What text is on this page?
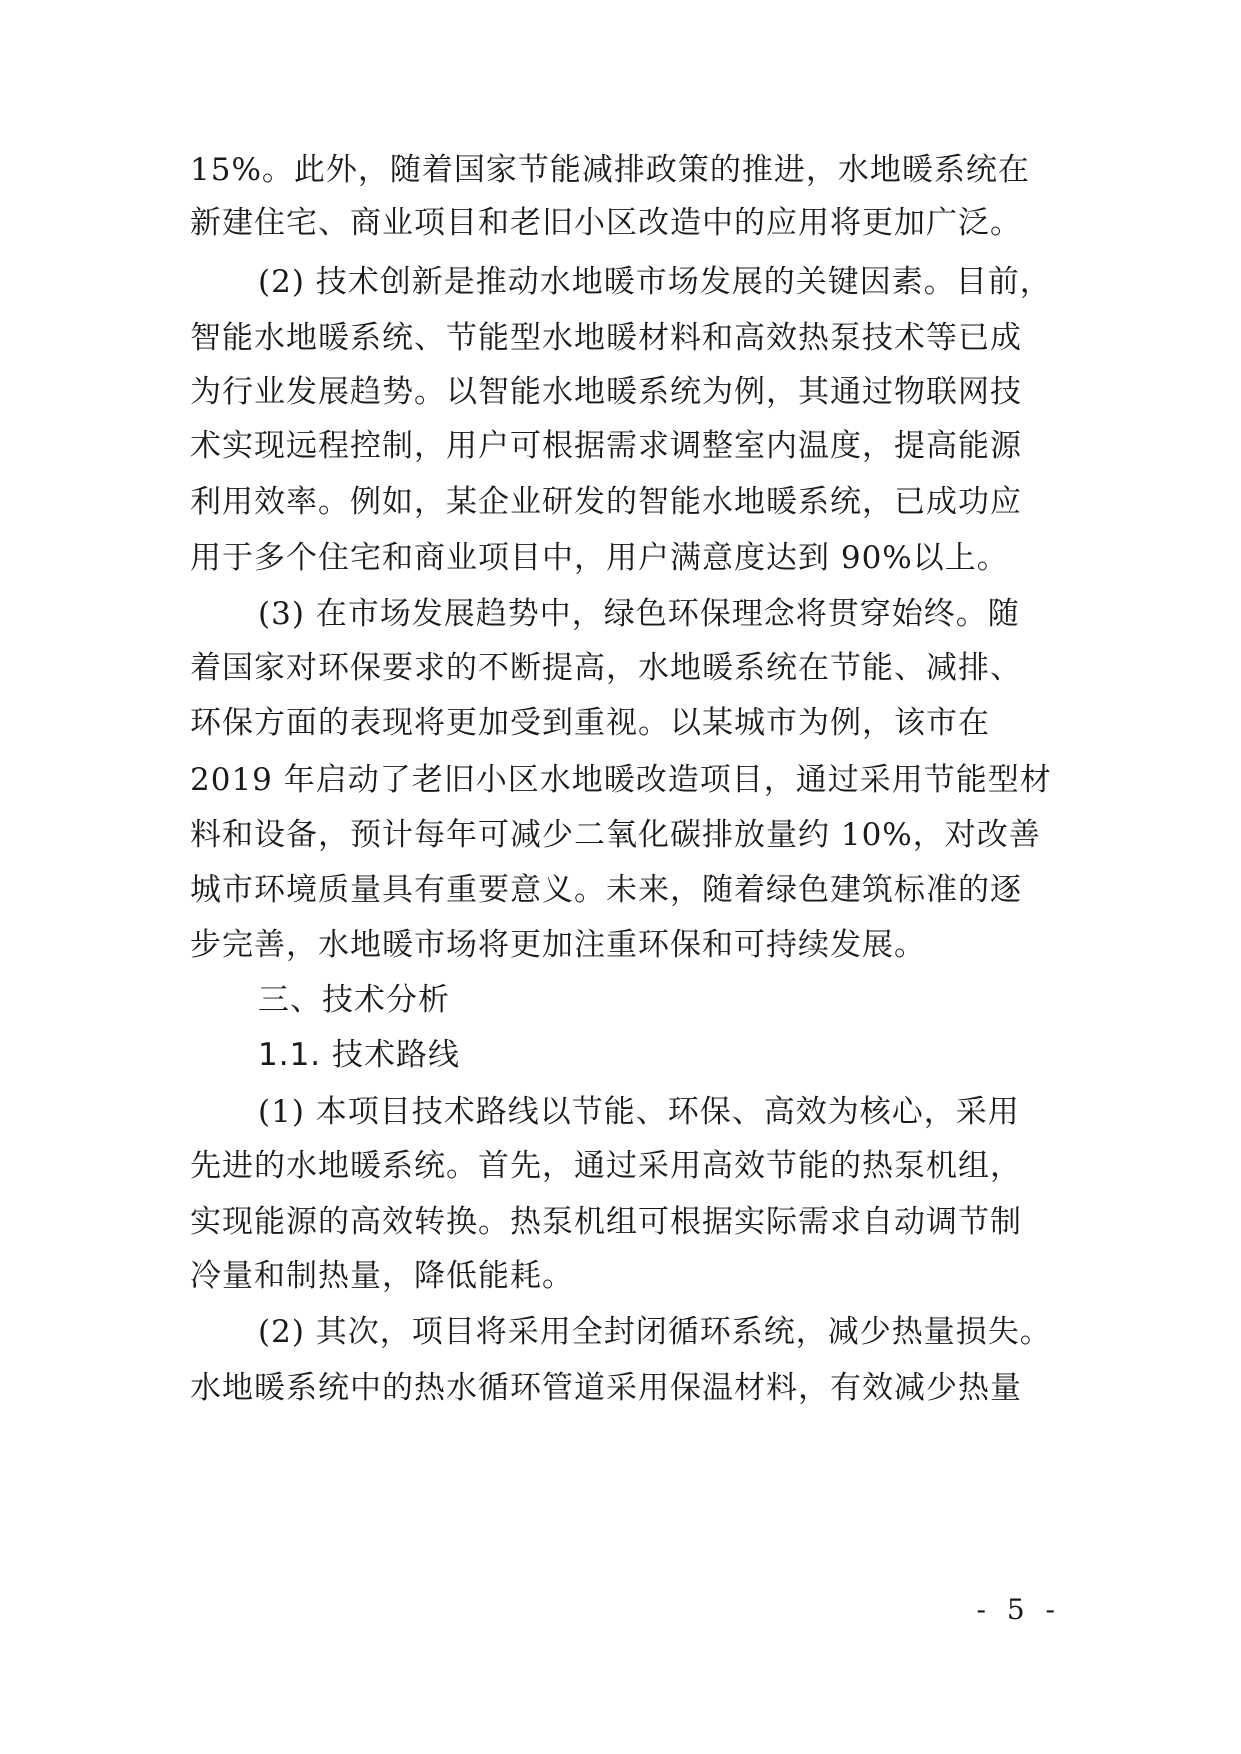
15%。此外，随着国家节能减排政策的推进，水地暖系统在
新建住宅、商业项目和老旧小区改造中的应用将更加广泛。
(2) 技术创新是推动水地暖市场发展的关键因素。目前，
智能水地暖系统、节能型水地暖材料和高效热泵技术等已成
为行业发展趋势。以智能水地暖系统为例，其通过物联网技
术实现远程控制，用户可根据需求调整室内温度，提高能源
利用效率。例如，某企业研发的智能水地暖系统，已成功应
用于多个住宅和商业项目中，用户满意度达到 90%以上。
(3) 在市场发展趋势中，绿色环保理念将贯穿始终。随
着国家对环保要求的不断提高，水地暖系统在节能、减排、
环保方面的表现将更加受到重视。以某城市为例，该市在
2019 年启动了老旧小区水地暖改造项目，通过采用节能型材
料和设备，预计每年可减少二氧化碳排放量约 10%，对改善
城市环境质量具有重要意义。未来，随着绿色建筑标准的逐
步完善，水地暖市场将更加注重环保和可持续发展。
三、技术分析
1.1. 技术路线
(1) 本项目技术路线以节能、环保、高效为核心，采用
先进的水地暖系统。首先，通过采用高效节能的热泵机组，
实现能源的高效转换。热泵机组可根据实际需求自动调节制
冷量和制热量，降低能耗。
(2) 其次，项目将采用全封闭循环系统，减少热量损失。
水地暖系统中的热水循环管道采用保温材料，有效减少热量
- 5 -
